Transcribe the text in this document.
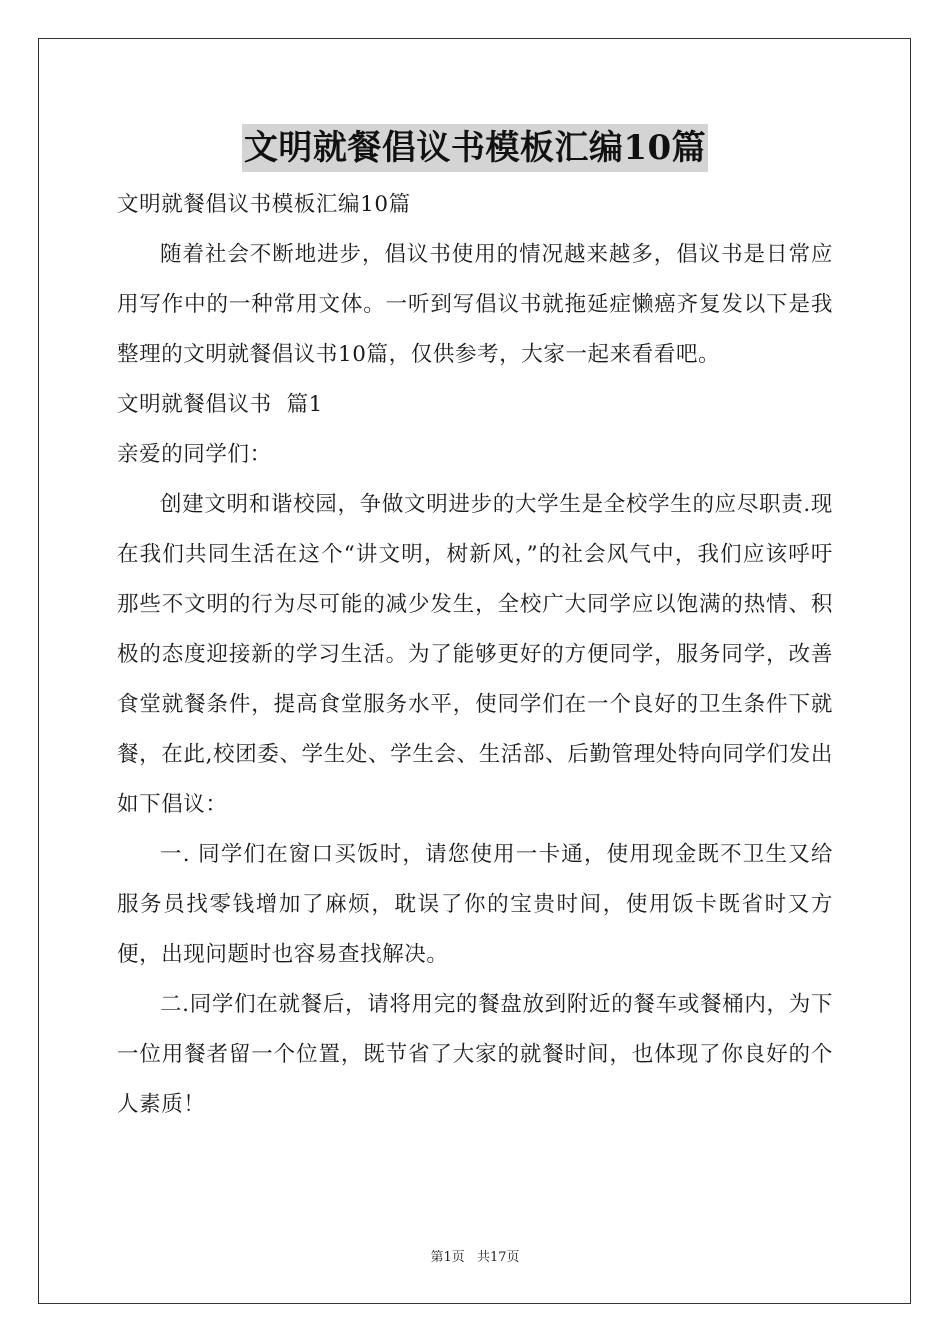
文明就餐倡议书模板汇编10篇

文明就餐倡议书模板汇编10篇

随着社会不断地进步，倡议书使用的情况越来越多，倡议书是日常应用写作中的一种常用文体。一听到写倡议书就拖延症懒癌齐复发以下是我整理的文明就餐倡议书10篇，仅供参考，大家一起来看看吧。

文明就餐倡议书  篇1

亲爱的同学们：

创建文明和谐校园，争做文明进步的大学生是全校学生的应尽职责.现在我们共同生活在这个“讲文明，树新风，”的社会风气中，我们应该呼吁那些不文明的行为尽可能的减少发生，全校广大同学应以饱满的热情、积极的态度迎接新的学习生活。为了能够更好的方便同学，服务同学，改善食堂就餐条件，提高食堂服务水平，使同学们在一个良好的卫生条件下就餐，在此,校团委、学生处、学生会、生活部、后勤管理处特向同学们发出如下倡议：

一. 同学们在窗口买饭时，请您使用一卡通，使用现金既不卫生又给服务员找零钱增加了麻烦，耽误了你的宝贵时间，使用饭卡既省时又方便，出现问题时也容易查找解决。

二.同学们在就餐后，请将用完的餐盘放到附近的餐车或餐桶内，为下一位用餐者留一个位置，既节省了大家的就餐时间，也体现了你良好的个人素质！

第1页 共17页
